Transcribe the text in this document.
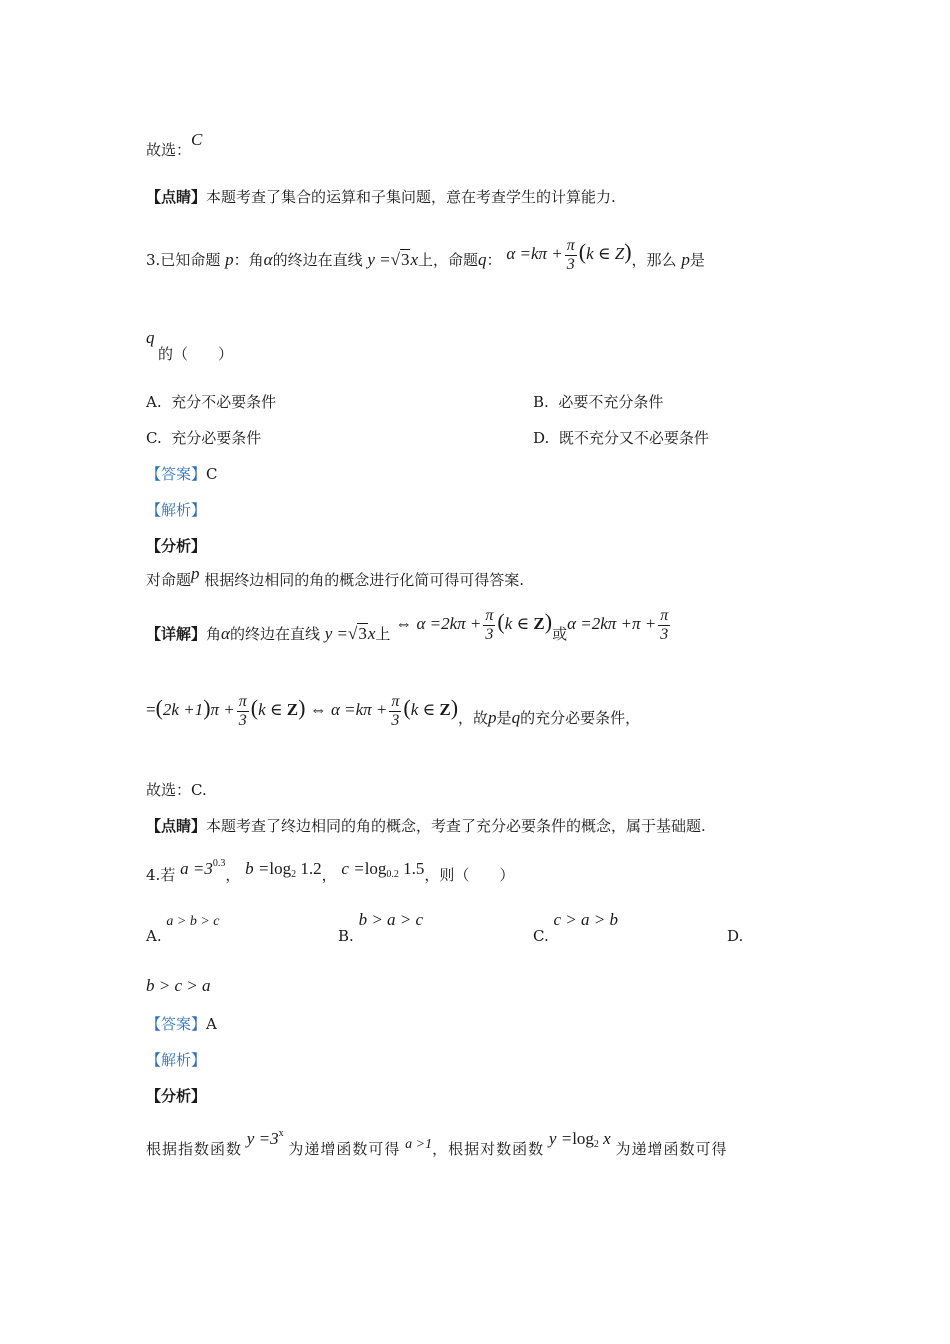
故选：C
【点睛】本题考查了集合的运算和子集问题，意在考查学生的计算能力.
3.已知命题 p：角α的终边在直线 y =√3x上，命题q： $\alpha =k\pi + \frac{\pi}{3} (k$ ∈ Z)，那么 p是
q
的（　　）
A. 充分不必要条件	B. 必要不充分条件
C. 充分必要条件	D. 既不充分又不必要条件
【答案】C
【解析】
【分析】
对命题p 根据终边相同的角的概念进行化简可得可得答案.
【详解】角α的终边在直线 y =√3x上 ⇔ $\alpha =2k\pi + \frac{\pi}{3} (k$ ∈ Z)或$\alpha =2k\pi +\pi + \frac{\pi}{3}$
$=(2k +1)\pi + \frac{\pi}{3} (k$ ∈ Z) ⇔ $\alpha =k\pi + \frac{\pi}{3} (k$ ∈ Z)，故p是q的充分必要条件，
故选：C.
【点睛】本题考查了终边相同的角的概念，考查了充分必要条件的概念，属于基础题.
4.若 $a =3^{0.3}$， $b =\log_2$ 1.2， $c =\log_{0.2}$ 1.5，则（　　）
A. a > b > c
B. b > a > c
C. c > a > b
D.
b > c > a
【答案】A
【解析】
【分析】
根据指数函数 $y =3^x$ 为递增函数可得 a >1，根据对数函数 $y =\log_2$ x 为递增函数可得
